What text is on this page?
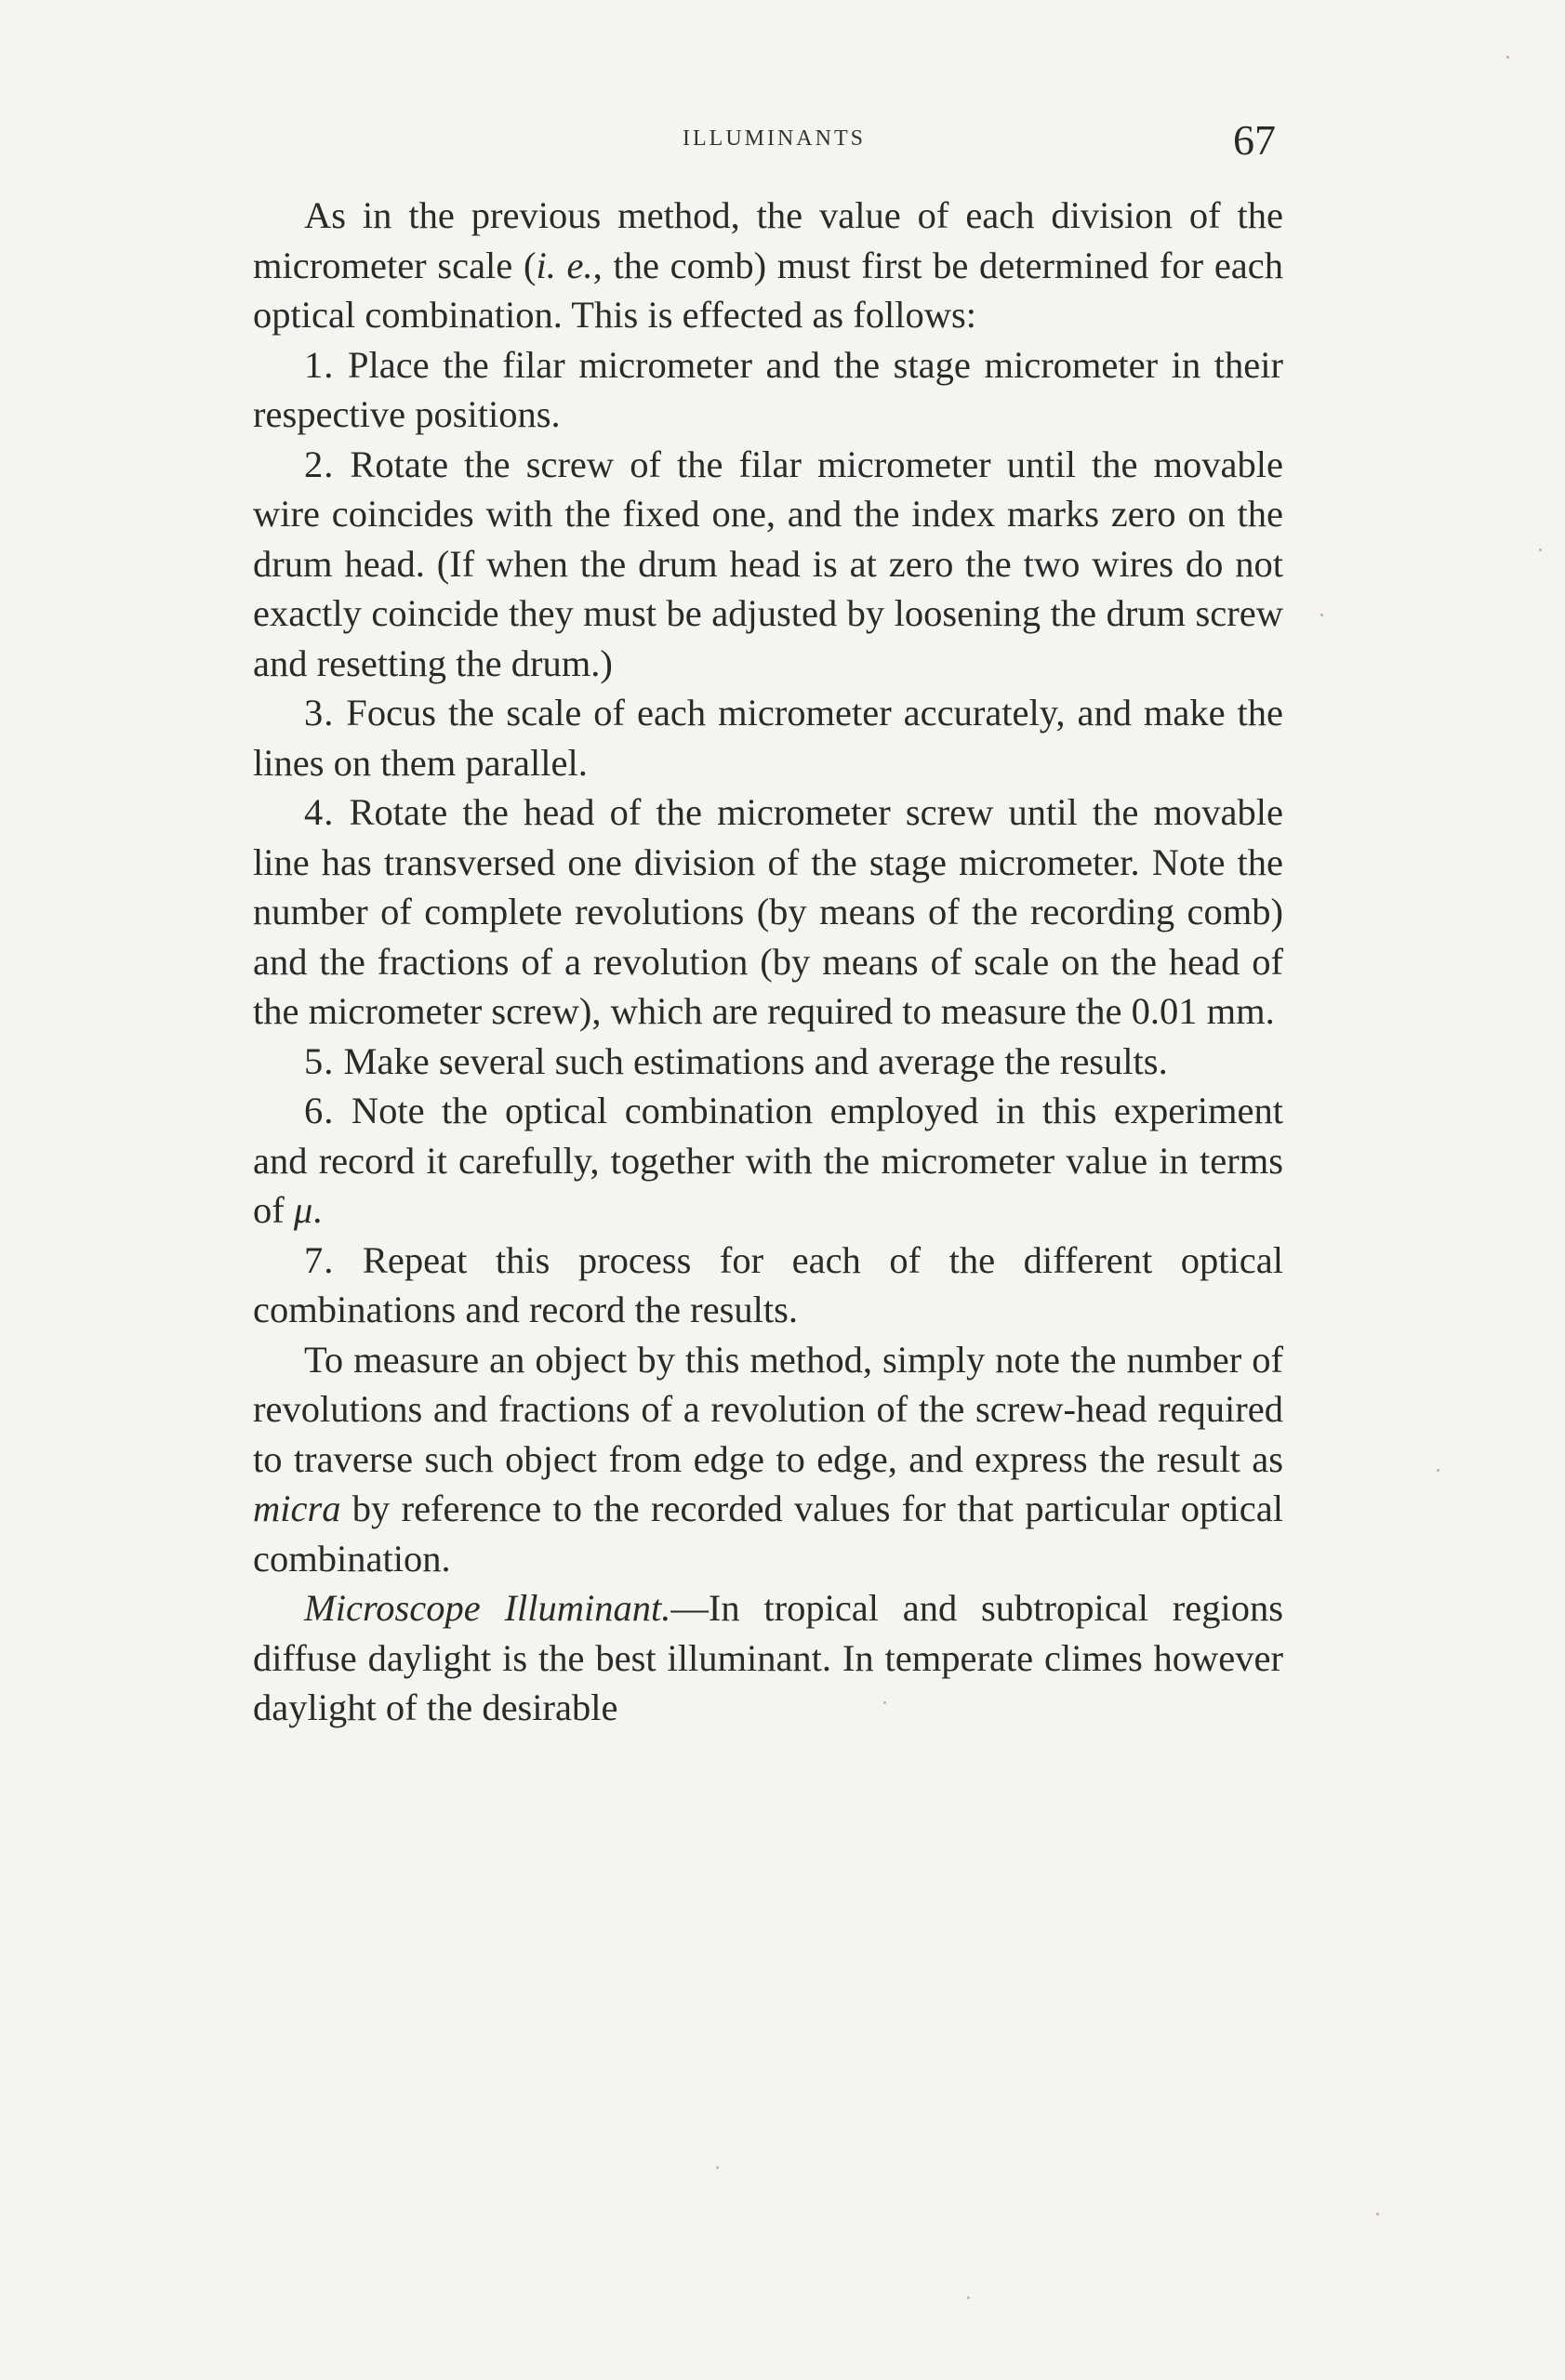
ILLUMINANTS	67

As in the previous method, the value of each division of the micrometer scale (i. e., the comb) must first be determined for each optical combination. This is effected as follows:

1. Place the filar micrometer and the stage micrometer in their respective positions.

2. Rotate the screw of the filar micrometer until the movable wire coincides with the fixed one, and the index marks zero on the drum head. (If when the drum head is at zero the two wires do not exactly coincide they must be adjusted by loosening the drum screw and resetting the drum.)

3. Focus the scale of each micrometer accurately, and make the lines on them parallel.

4. Rotate the head of the micrometer screw until the movable line has transversed one division of the stage micrometer. Note the number of complete revolutions (by means of the recording comb) and the fractions of a revolution (by means of scale on the head of the micrometer screw), which are required to measure the 0.01 mm.

5. Make several such estimations and average the results.

6. Note the optical combination employed in this experiment and record it carefully, together with the micrometer value in terms of μ.

7. Repeat this process for each of the different optical combinations and record the results.

To measure an object by this method, simply note the number of revolutions and fractions of a revolution of the screw-head required to traverse such object from edge to edge, and express the result as micra by reference to the recorded values for that particular optical combination.

Microscope Illuminant.—In tropical and subtropical regions diffuse daylight is the best illuminant. In temperate climes however daylight of the desirable
